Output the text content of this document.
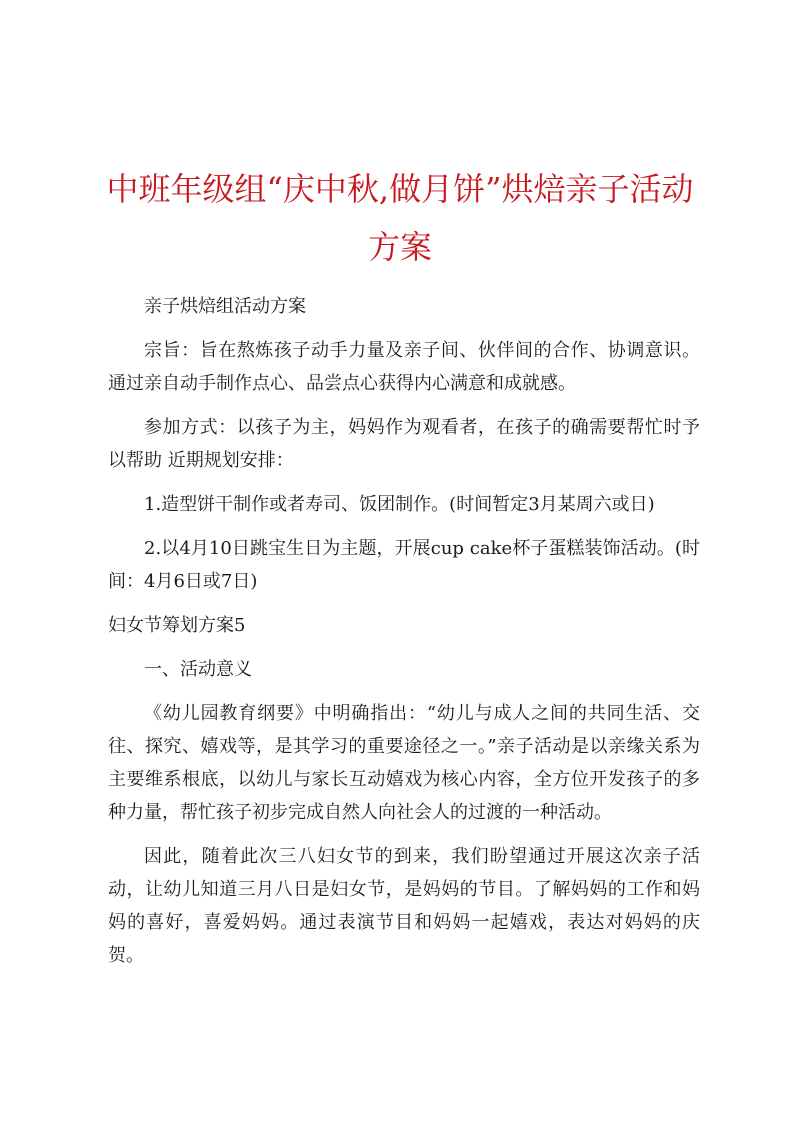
中班年级组“庆中秋,做月饼”烘焙亲子活动方案

亲子烘焙组活动方案

宗旨：旨在熬炼孩子动手力量及亲子间、伙伴间的合作、协调意识。通过亲自动手制作点心、品尝点心获得内心满意和成就感。

参加方式：以孩子为主，妈妈作为观看者，在孩子的确需要帮忙时予以帮助 近期规划安排：

1.造型饼干制作或者寿司、饭团制作。(时间暂定3月某周六或日)

2.以4月10日跳宝生日为主题，开展cup cake杯子蛋糕装饰活动。(时间：4月6日或7日)

妇女节筹划方案5

一、活动意义

《幼儿园教育纲要》中明确指出：“幼儿与成人之间的共同生活、交往、探究、嬉戏等，是其学习的重要途径之一。”亲子活动是以亲缘关系为主要维系根底，以幼儿与家长互动嬉戏为核心内容，全方位开发孩子的多种力量，帮忙孩子初步完成自然人向社会人的过渡的一种活动。

因此，随着此次三八妇女节的到来，我们盼望通过开展这次亲子活动，让幼儿知道三月八日是妇女节，是妈妈的节目。了解妈妈的工作和妈妈的喜好，喜爱妈妈。通过表演节目和妈妈一起嬉戏，表达对妈妈的庆贺。
